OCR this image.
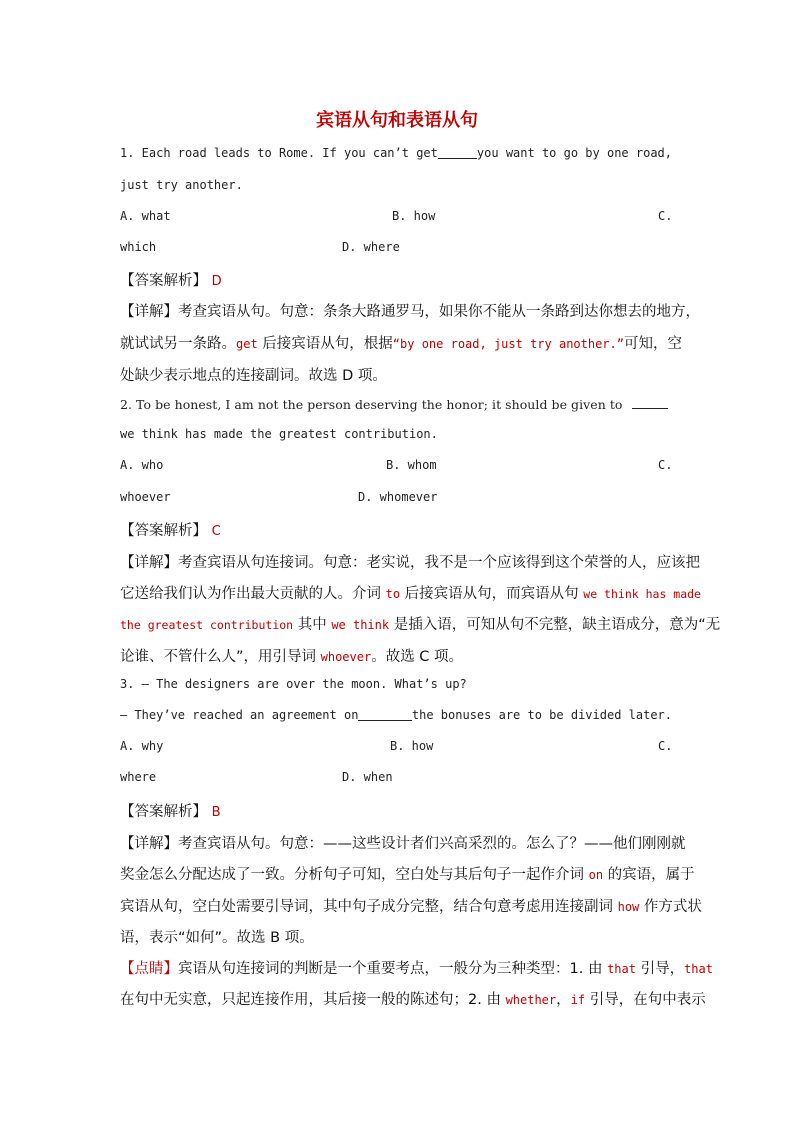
宾语从句和表语从句
1. Each road leads to Rome. If you can’t get	you want to go by one road,
just try another.
A. what	B. how	C.
which	D. where
【答案解析】 D
【详解】考查宾语从句。句意：条条大路通罗马，如果你不能从一条路到达你想去的地方，
就试试另一条路。get 后接宾语从句，根据“by one road, just try another.”可知，空
处缺少表示地点的连接副词。故选 D 项。
2. To be honest, I am not the person deserving the honor; it should be given to
we think has made the greatest contribution.
A. who	B. whom	C.
whoever	D. whomever
【答案解析】 C
【详解】考查宾语从句连接词。句意：老实说，我不是一个应该得到这个荣誉的人，应该把
它送给我们认为作出最大贡献的人。介词 to 后接宾语从句，而宾语从句 we think has made
the greatest contribution 其中 we think 是插入语，可知从句不完整，缺主语成分，意为“无
论谁、不管什么人”，用引导词 whoever。故选 C 项。
3. — The designers are over the moon. What’s up?
— They’ve reached an agreement on	the bonuses are to be divided later.
A. why	B. how	C.
where	D. when
【答案解析】 B
【详解】考查宾语从句。句意：——这些设计者们兴高采烈的。怎么了？——他们刚刚就
奖金怎么分配达成了一致。分析句子可知，空白处与其后句子一起作介词 on 的宾语，属于
宾语从句，空白处需要引导词，其中句子成分完整，结合句意考虑用连接副词 how 作方式状
语，表示“如何”。故选 B 项。
【点睛】宾语从句连接词的判断是一个重要考点，一般分为三种类型：1. 由 that 引导，that
在句中无实意，只起连接作用，其后接一般的陈述句；2. 由 whether，if 引导，在句中表示
